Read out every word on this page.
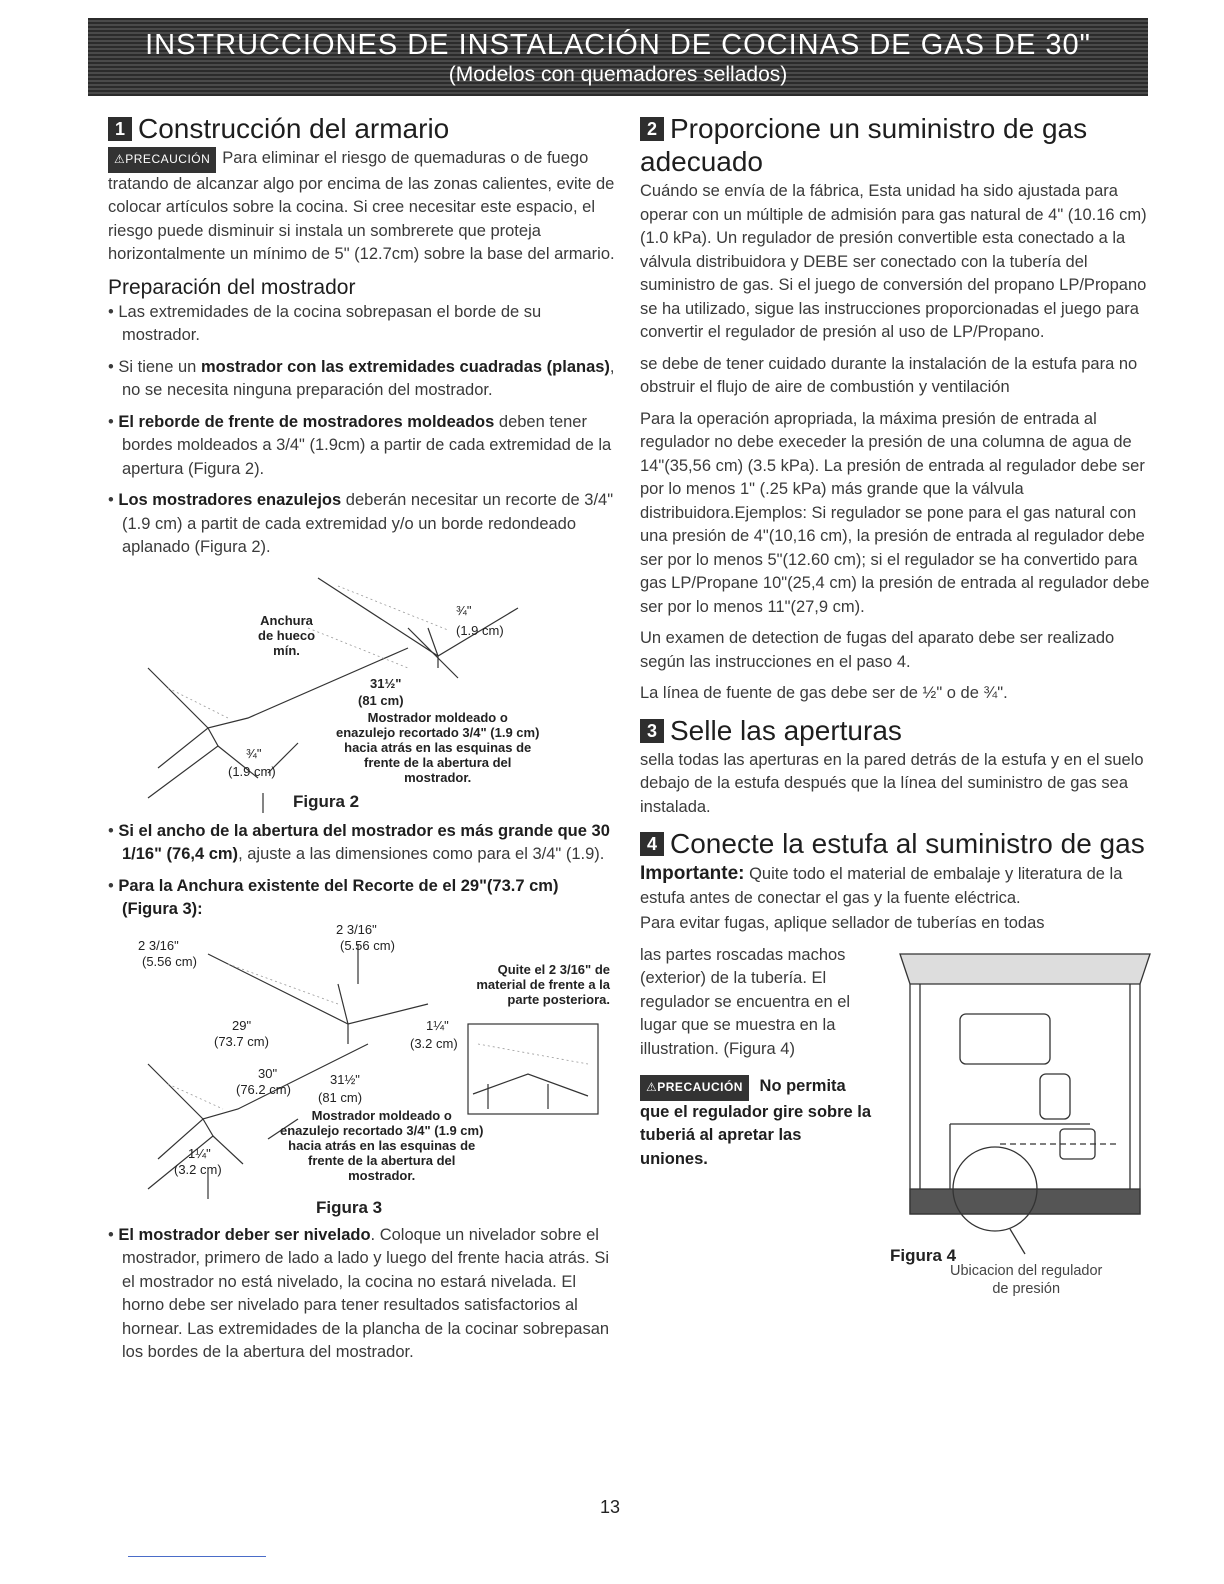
INSTRUCCIONES DE INSTALACIÓN DE COCINAS DE GAS DE 30"
(Modelos con quemadores sellados)
1 Construcción del armario

⚠PRECAUCIÓN Para eliminar el riesgo de quemaduras o de fuego tratando de alcanzar algo por encima de las zonas calientes, evite de colocar artículos sobre la cocina. Si cree necesitar este espacio, el riesgo puede disminuir si instala un sombrerete que proteja horizontalmente un mínimo de 5" (12.7cm) sobre la base del armario.

Preparación del mostrador
• Las extremidades de la cocina sobrepasan el borde de su mostrador.
• Si tiene un mostrador con las extremidades cuadradas (planas), no se necesita ninguna preparación del mostrador.
• El reborde de frente de mostradores moldeados deben tener bordes moldeados a 3/4" (1.9cm) a partir de cada extremidad de la apertura (Figura 2).
• Los mostradores enazulejos deberán necesitar un recorte de 3/4" (1.9 cm) a partit de cada extremidad y/o un borde redondeado aplanado (Figura 2).
Anchura
de hueco
mín.
¾"
(1.9 cm)
31½"
(81 cm)
Mostrador moldeado o
enazulejo recortado 3/4" (1.9 cm)
hacia atrás en las esquinas de
frente de la abertura del
mostrador.
¾"
(1.9 cm)
Figura 2
• Si el ancho de la abertura del mostrador es más grande que 30 1/16" (76,4 cm), ajuste a las dimensiones como para el 3/4" (1.9).
• Para la Anchura existente del Recorte de el 29"(73.7 cm) (Figura 3):
2 3/16"
(5.56 cm)
2 3/16"
(5.56 cm)
Quite el 2 3/16" de
material de frente a la
parte posteriora.
29"
(73.7 cm)
1¼"
(3.2 cm)
30"
(76.2 cm)
31½"
(81 cm)
Mostrador moldeado o
enazulejo recortado 3/4" (1.9 cm)
hacia atrás en las esquinas de
frente de la abertura del
mostrador.
1¼"
(3.2 cm)
Figura 3
• El mostrador deber ser nivelado. Coloque un nivelador sobre el mostrador, primero de lado a lado y luego del frente hacia atrás. Si el mostrador no está nivelado, la cocina no estará nivelada. El horno debe ser nivelado para tener resultados satisfactorios al hornear. Las extremidades de la plancha de la cocinar sobrepasan los bordes de la abertura del mostrador.
2 Proporcione un suministro de gas adecuado

Cuándo se envía de la fábrica, Esta unidad ha sido ajustada para operar con un múltiple de admisión para gas natural de 4" (10.16 cm)(1.0 kPa). Un regulador de presión convertible esta conectado a la válvula distribuidora y DEBE ser conectado con la tubería del suministro de gas. Si el juego de conversión del propano LP/Propano se ha utilizado, sigue las instrucciones proporcionadas el juego para convertir el regulador de presión al uso de LP/Propano.

se debe de tener cuidado durante la instalación de la estufa para no obstruir el flujo de aire de combustión y ventilación

Para la operación apropriada, la máxima presión de entrada al regulador no debe execeder la presión de una columna de agua de 14"(35,56 cm) (3.5 kPa). La presión de entrada al regulador debe ser por lo menos 1" (.25 kPa) más grande que la válvula distribuidora.Ejemplos: Si regulador se pone para el gas natural con una presión de 4"(10,16 cm), la presión de entrada al regulador debe ser por lo menos 5"(12.60 cm); si el regulador se ha convertido para gas LP/Propane 10"(25,4 cm) la presión de entrada al regulador debe ser por lo menos 11"(27,9 cm).

Un examen de detection de fugas del aparato debe ser realizado según las instrucciones en el paso 4.

La línea de fuente de gas debe ser de ½" o de ¾".

3 Selle las aperturas

sella todas las aperturas en la pared detrás de la estufa y en el suelo debajo de la estufa después que la línea del suministro de gas sea instalada.

4 Conecte la estufa al suministro de gas

Importante: Quite todo el material de embalaje y literatura de la estufa antes de conectar el gas y la fuente eléctrica.

Para evitar fugas, aplique sellador de tuberías en todas

las partes roscadas machos (exterior) de la tubería. El regulador se encuentra en el lugar que se muestra en la illustration. (Figura 4)

⚠PRECAUCIÓN No permita que el regulador gire sobre la tuberiá al apretar las uniones.

Figura 4
Ubicacion del regulador
de presión
13
